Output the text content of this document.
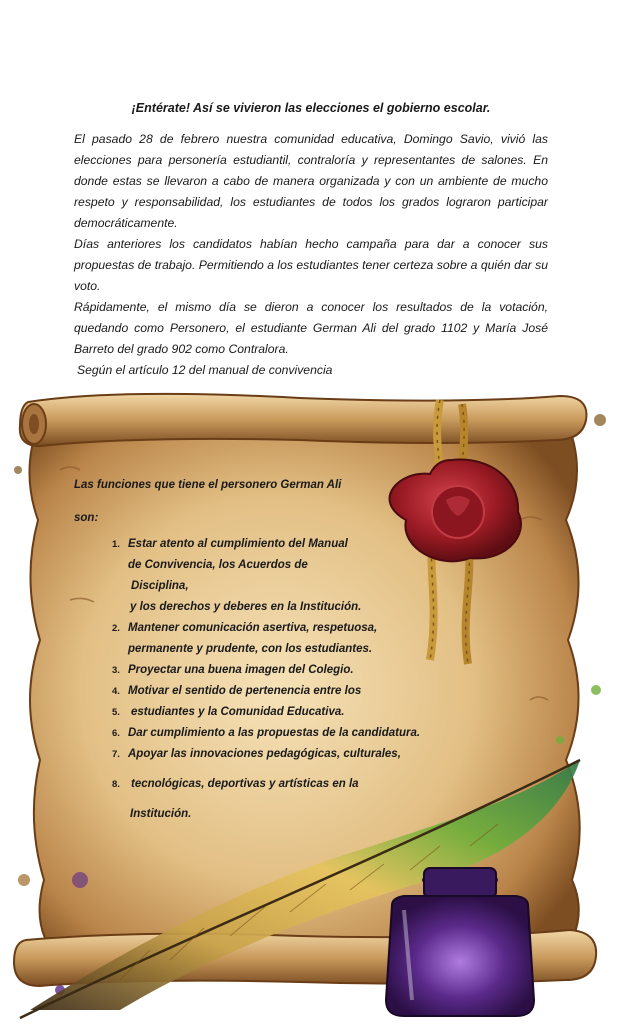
¡Entérate! Así se vivieron las elecciones el gobierno escolar.

El pasado 28 de febrero nuestra comunidad educativa, Domingo Savio, vivió las elecciones para personería estudiantil, contraloría y representantes de salones. En donde estas se llevaron a cabo de manera organizada y con un ambiente de mucho respeto y responsabilidad, los estudiantes de todos los grados lograron participar democráticamente.

Días anteriores los candidatos habían hecho campaña para dar a conocer sus propuestas de trabajo. Permitiendo a los estudiantes tener certeza sobre a quién dar su voto.

Rápidamente, el mismo día se dieron a conocer los resultados de la votación, quedando como Personero, el estudiante German Ali del grado 1102 y María José Barreto del grado 902 como Contralora.

Según el artículo 12 del manual de convivencia

Las funciones que tiene el personero German Ali
son:
1. Estar atento al cumplimiento del Manual
de Convivencia, los Acuerdos de
Disciplina,
y los derechos y deberes en la Institución.
2. Mantener comunicación asertiva, respetuosa,
permanente y prudente, con los estudiantes.
3. Proyectar una buena imagen del Colegio.
4. Motivar el sentido de pertenencia entre los
5. estudiantes y la Comunidad Educativa.
6. Dar cumplimiento a las propuestas de la candidatura.
7. Apoyar las innovaciones pedagógicas, culturales,
8. tecnológicas, deportivas y artísticas en la
Institución.
